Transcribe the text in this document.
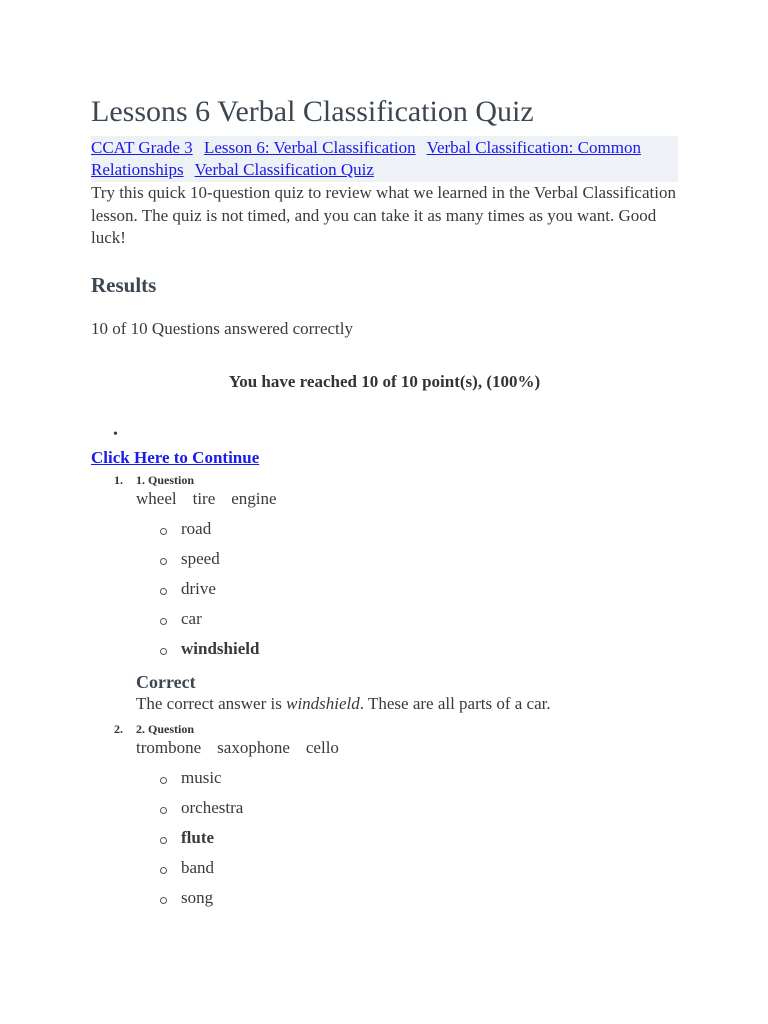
Lessons 6 Verbal Classification Quiz
CCAT Grade 3 Lesson 6: Verbal Classification Verbal Classification: Common Relationships Verbal Classification Quiz

Try this quick 10-question quiz to review what we learned in the Verbal Classification lesson. The quiz is not timed, and you can take it as many times as you want. Good luck!

Results

10 of 10 Questions answered correctly

You have reached 10 of 10 point(s), (100%)

•
Click Here to Continue
1. 1. Question
wheel tire engine
road
speed
drive
car
windshield
Correct
The correct answer is windshield. These are all parts of a car.
2. 2. Question
trombone saxophone cello
music
orchestra
flute
band
song
